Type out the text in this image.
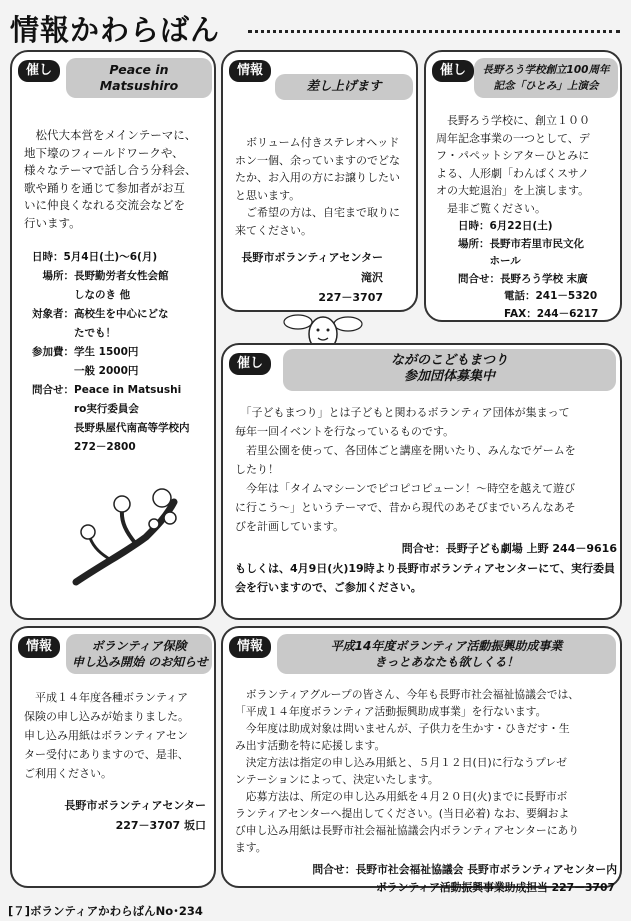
情報かわらばん
催し	Peace in
Matsushiro
　松代大本営をメインテーマに、
地下壕のフィールドワークや、
様々なテーマで話し合う分科会、
歌や踊りを通じて参加者がお互
いに仲良くなれる交流会などを
行います。
日時：5月4日(土)～6(月)
　場所：長野勤労者女性会館
　　　　しなのき 他
対象者：高校生を中心にどな
　　　　たでも！
参加費：学生 1500円
　　　　一般 2000円
問合せ：Peace in Matsushi
　　　　ro実行委員会
　　　　長野県屋代南高等学校内
　　　　272－2800
情報
差し上げます
　ボリューム付きステレオヘッド
ホン一個、余っていますのでどな
たか、お入用の方にお譲りしたい
と思います。
　ご希望の方は、自宅まで取りに
来てください。
長野市ボランティアセンター
滝沢
227－3707
催し	長野ろう学校創立100周年
記念「ひとみ」上演会
　長野ろう学校に、創立１００
周年記念事業の一つとして、デ
フ・パペットシアターひとみに
よる、人形劇「わんぱくスサノ
オの大蛇退治」を上演します。
　是非ご覧ください。
日時：6月22日(土)
場所：長野市若里市民文化
　　　ホール
問合せ：長野ろう学校 末廣
電話：241－5320
FAX：244－6217
催し	ながのこどもまつり
参加団体募集中
　「子どもまつり」とは子どもと関わるボランティア団体が集まって
毎年一回イベントを行なっているものです。
　若里公園を使って、各団体ごと講座を開いたり、みんなでゲームを
したり！
　今年は「タイムマシーンでピコピコピューン！～時空を越えて遊び
に行こう～」というテーマで、昔から現代のあそびまでいろんなあそ
びを計画しています。
問合せ：長野子ども劇場 上野 244－9616
もしくは、4月9日(火)19時より長野市ボランティアセンターにて、実行委員
会を行いますので、ご参加ください。
情報	ボランティア保険
申し込み開始 のお知らせ
　平成１４年度各種ボランティア
保険の申し込みが始まりました。
申し込み用紙はボランティアセン
ター受付にありますので、是非、
ご利用ください。
長野市ボランティアセンター
227－3707 坂口
情報	平成14年度ボランティア活動振興助成事業
きっとあなたも欲しくる！
　ボランティアグループの皆さん、今年も長野市社会福祉協議会では、
「平成１４年度ボランティア活動振興助成事業」を行ないます。
　今年度は助成対象は問いませんが、子供力を生かす・ひきだす・生
み出す活動を特に応援します。
　決定方法は指定の申し込み用紙と、５月１２日(日)に行なうプレゼ
ンテーションによって、決定いたします。
　応募方法は、所定の申し込み用紙を４月２０日(火)までに長野市ボ
ランティアセンターへ提出してください。(当日必着) なお、要綱およ
び申し込み用紙は長野市社会福祉協議会内ボランティアセンターにあり
ます。
問合せ：長野市社会福祉協議会 長野市ボランティアセンター内
ボランティア活動振興事業助成担当 227－3707
[７]ボランティアかわらばんNo･234
